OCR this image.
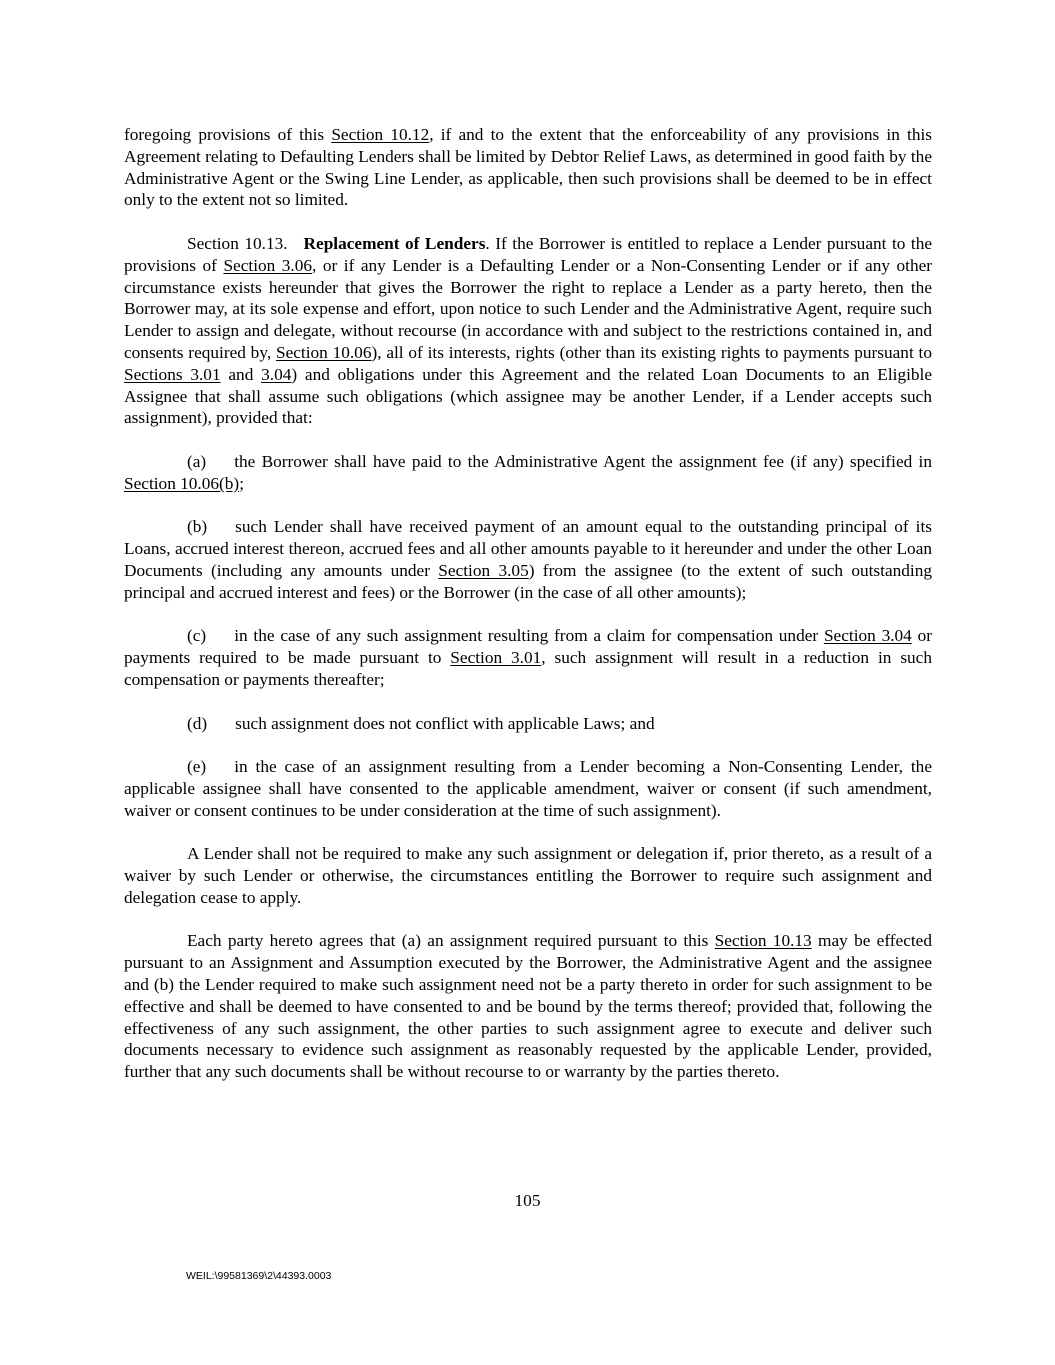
foregoing provisions of this Section 10.12, if and to the extent that the enforceability of any provisions in this Agreement relating to Defaulting Lenders shall be limited by Debtor Relief Laws, as determined in good faith by the Administrative Agent or the Swing Line Lender, as applicable, then such provisions shall be deemed to be in effect only to the extent not so limited.

Section 10.13. Replacement of Lenders. If the Borrower is entitled to replace a Lender pursuant to the provisions of Section 3.06, or if any Lender is a Defaulting Lender or a Non-Consenting Lender or if any other circumstance exists hereunder that gives the Borrower the right to replace a Lender as a party hereto, then the Borrower may, at its sole expense and effort, upon notice to such Lender and the Administrative Agent, require such Lender to assign and delegate, without recourse (in accordance with and subject to the restrictions contained in, and consents required by, Section 10.06), all of its interests, rights (other than its existing rights to payments pursuant to Sections 3.01 and 3.04) and obligations under this Agreement and the related Loan Documents to an Eligible Assignee that shall assume such obligations (which assignee may be another Lender, if a Lender accepts such assignment), provided that:

(a) the Borrower shall have paid to the Administrative Agent the assignment fee (if any) specified in Section 10.06(b);

(b) such Lender shall have received payment of an amount equal to the outstanding principal of its Loans, accrued interest thereon, accrued fees and all other amounts payable to it hereunder and under the other Loan Documents (including any amounts under Section 3.05) from the assignee (to the extent of such outstanding principal and accrued interest and fees) or the Borrower (in the case of all other amounts);

(c) in the case of any such assignment resulting from a claim for compensation under Section 3.04 or payments required to be made pursuant to Section 3.01, such assignment will result in a reduction in such compensation or payments thereafter;

(d) such assignment does not conflict with applicable Laws; and

(e) in the case of an assignment resulting from a Lender becoming a Non-Consenting Lender, the applicable assignee shall have consented to the applicable amendment, waiver or consent (if such amendment, waiver or consent continues to be under consideration at the time of such assignment).

A Lender shall not be required to make any such assignment or delegation if, prior thereto, as a result of a waiver by such Lender or otherwise, the circumstances entitling the Borrower to require such assignment and delegation cease to apply.

Each party hereto agrees that (a) an assignment required pursuant to this Section 10.13 may be effected pursuant to an Assignment and Assumption executed by the Borrower, the Administrative Agent and the assignee and (b) the Lender required to make such assignment need not be a party thereto in order for such assignment to be effective and shall be deemed to have consented to and be bound by the terms thereof; provided that, following the effectiveness of any such assignment, the other parties to such assignment agree to execute and deliver such documents necessary to evidence such assignment as reasonably requested by the applicable Lender, provided, further that any such documents shall be without recourse to or warranty by the parties thereto.

105
WEIL:\99581369\2\44393.0003
